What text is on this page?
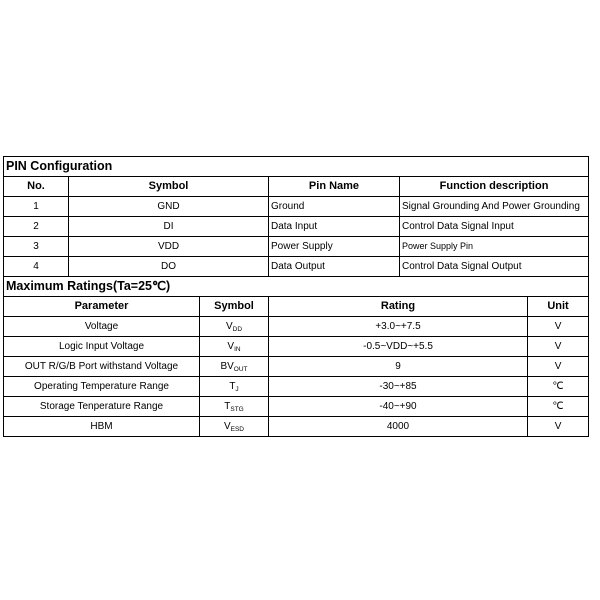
PIN Configuration					
No.	Symbol		Pin Name	Function description	
1	GND		Ground	Signal Grounding And Power Grounding	
2	DI		Data Input	Control Data Signal Input	
3	VDD		Power Supply	Power Supply Pin	
4	DO		Data Output	Control Data Signal Output	
Maximum Ratings(Ta=25℃)					
Parameter		Symbol	Rating		Unit
Voltage		$V_{DD}$	+3.0~+7.5		V
Logic Input Voltage		$V_{IN}$	-0.5~VDD~+5.5		V
OUT R/G/B Port withstand Voltage		$BV_{OUT}$	9		V
Operating Temperature Range		$T_J$	-30~+85		℃
Storage Tenperature Range		$T_{STG}$	-40~+90		℃
HBM		$V_{ESD}$	4000		V
